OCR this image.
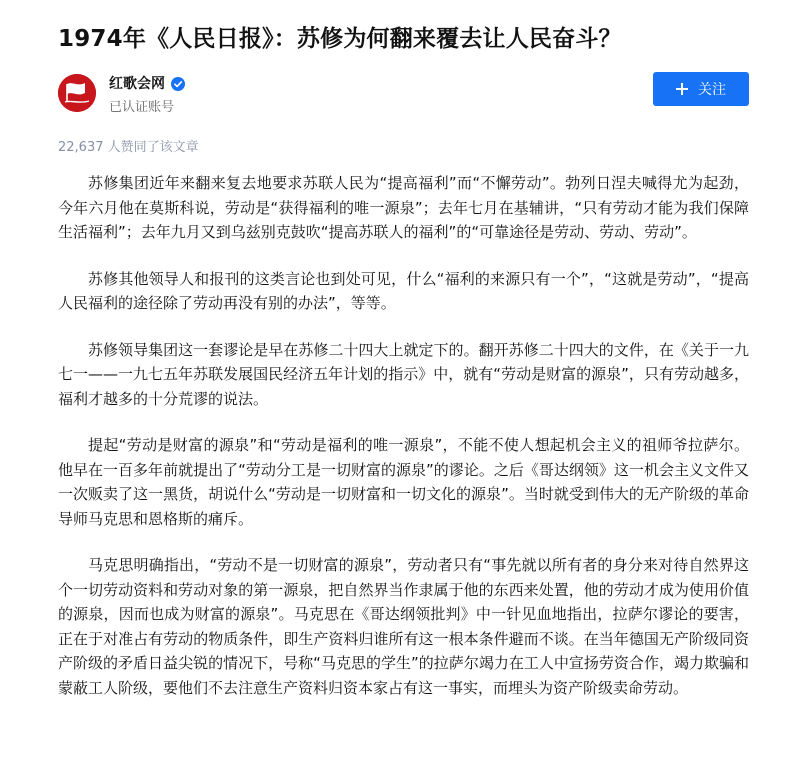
1974年《人民日报》：苏修为何翻来覆去让人民奋斗？
红歌会网
已认证账号
关注
22,637 人赞同了该文章

苏修集团近年来翻来复去地要求苏联人民为“提高福利”而“不懈劳动”。勃列日涅夫喊得尤为起劲，今年六月他在莫斯科说，劳动是“获得福利的唯一源泉”；去年七月在基辅讲，“只有劳动才能为我们保障生活福利”；去年九月又到乌兹别克鼓吹“提高苏联人的福利”的“可靠途径是劳动、劳动、劳动”。

苏修其他领导人和报刊的这类言论也到处可见，什么“福利的来源只有一个”，“这就是劳动”，“提高人民福利的途径除了劳动再没有别的办法”，等等。

苏修领导集团这一套谬论是早在苏修二十四大上就定下的。翻开苏修二十四大的文件，在《关于一九七一——一九七五年苏联发展国民经济五年计划的指示》中，就有“劳动是财富的源泉”，只有劳动越多，福利才越多的十分荒谬的说法。

提起“劳动是财富的源泉”和“劳动是福利的唯一源泉”，不能不使人想起机会主义的祖师爷拉萨尔。他早在一百多年前就提出了“劳动分工是一切财富的源泉”的谬论。之后《哥达纲领》这一机会主义文件又一次贩卖了这一黑货，胡说什么“劳动是一切财富和一切文化的源泉”。当时就受到伟大的无产阶级的革命导师马克思和恩格斯的痛斥。

马克思明确指出，“劳动不是一切财富的源泉”，劳动者只有“事先就以所有者的身分来对待自然界这个一切劳动资料和劳动对象的第一源泉，把自然界当作隶属于他的东西来处置，他的劳动才成为使用价值的源泉，因而也成为财富的源泉”。马克思在《哥达纲领批判》中一针见血地指出，拉萨尔谬论的要害，正在于对准占有劳动的物质条件，即生产资料归谁所有这一根本条件避而不谈。在当年德国无产阶级同资产阶级的矛盾日益尖锐的情况下，号称“马克思的学生”的拉萨尔竭力在工人中宣扬劳资合作，竭力欺骗和蒙蔽工人阶级，要他们不去注意生产资料归资本家占有这一事实，而埋头为资产阶级卖命劳动。
